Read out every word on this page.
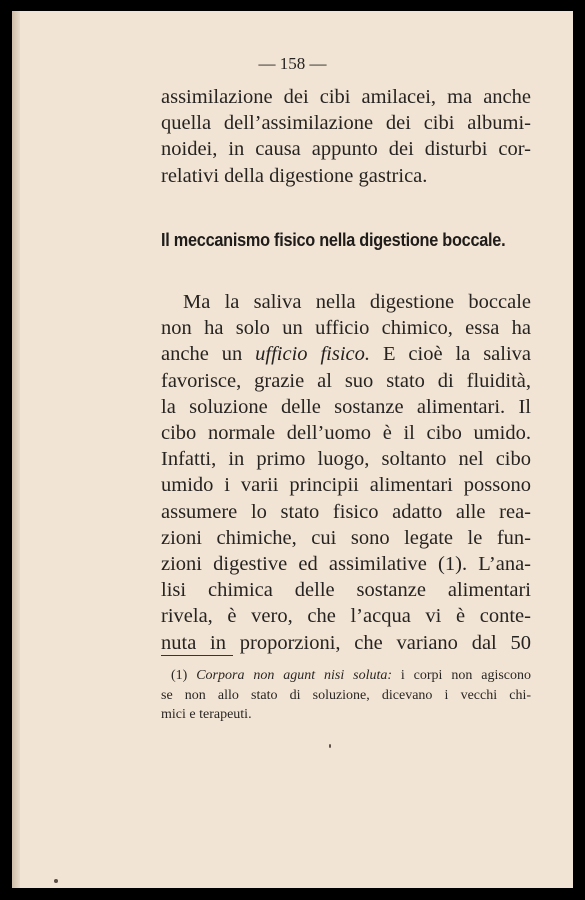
— 158 —

assimilazione dei cibi amilacei, ma anche
quella dell’assimilazione dei cibi albumi-
noidei, in causa appunto dei disturbi cor-
relativi della digestione gastrica.

Il meccanismo fisico nella digestione boccale.

Ma la saliva nella digestione boccale
non ha solo un ufficio chimico, essa ha
anche un ufficio fisico. E cioè la saliva
favorisce, grazie al suo stato di fluidità,
la soluzione delle sostanze alimentari. Il
cibo normale dell’uomo è il cibo umido.
Infatti, in primo luogo, soltanto nel cibo
umido i varii principii alimentari possono
assumere lo stato fisico adatto alle rea-
zioni chimiche, cui sono legate le fun-
zioni digestive ed assimilative (1). L’ana-
lisi chimica delle sostanze alimentari
rivela, è vero, che l’acqua vi è conte-
nuta in proporzioni, che variano dal 50

(1) Corpora non agunt nisi soluta: i corpi non agiscono
se non allo stato di soluzione, dicevano i vecchi chi-
mici e terapeuti.
